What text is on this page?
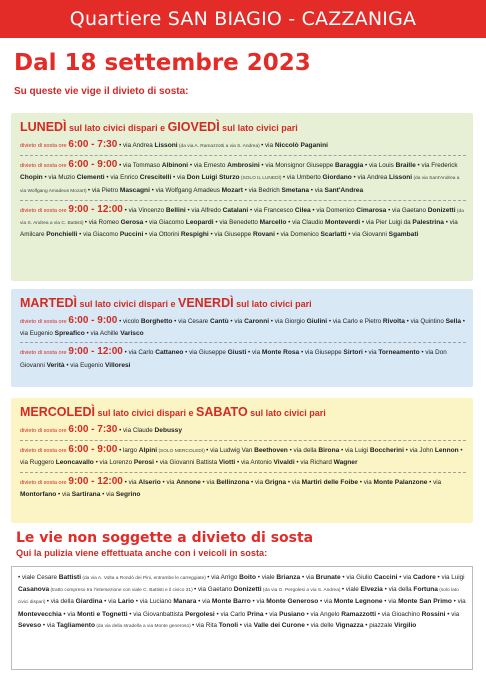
Quartiere SAN BIAGIO - CAZZANIGA
Dal 18 settembre 2023
Su queste vie vige il divieto di sosta:
LUNEDÌ sul lato civici dispari e GIOVEDÌ sul lato civici pari
divieto di sosta ore 6:00 - 7:30 • via Andrea Lissoni (da via A. Ramazzotti a via S. Andrea) • via Niccolò Paganini
divieto di sosta ore 6:00 - 9:00 • via Tommaso Albinoni • via Ernesto Ambrosini • via Monsignor Giuseppe Baraggia • via Louis Braille • via Frederick Chopin • via Muzio Clementi • via Enrico Crescitelli • via Don Luigi Sturzo (SOLO IL LUNEDÌ) • via Umberto Giordano • via Andrea Lissoni (da via Sant'Andrea a via Wolfgang Amadeus Mozart) • via Pietro Mascagni • via Wolfgang Amadeus Mozart • via Bedrich Smetana • via Sant'Andrea
divieto di sosta ore 9:00 - 12:00 • via Vincenzo Bellini • via Alfredo Catalani • via Francesco Cilea • via Domenico Cimarosa • via Gaetano Donizetti (da via S. Andrea a via C. Battisti) • via Romeo Gerosa • via Giacomo Leopardi • via Benedetto Marcello • via Claudio Monteverdi • via Pier Luigi da Palestrina • via Amilcare Ponchielli • via Giacomo Puccini • via Ottorini Respighi • via Giuseppe Rovani • via Domenico Scarlatti • via Giovanni Sgambati
MARTEDÌ sul lato civici dispari e VENERDÌ sul lato civici pari
divieto di sosta ore 6:00 - 9:00 • vicolo Borghetto • via Cesare Cantù • via Caronni • via Giorgio Giulini • via Carlo e Pietro Rivolta • via Quintino Sella • via Eugenio Spreafico • via Achille Varisco
divieto di sosta ore 9:00 - 12:00 • via Carlo Cattaneo • via Giuseppe Giusti • via Monte Rosa • via Giuseppe Sirtori • via Torneamento • via Don Giovanni Verità • via Eugenio Villoresi
MERCOLEDÌ sul lato civici dispari e SABATO sul lato civici pari
divieto di sosta ore 6:00 - 7:30 • via Claude Debussy
divieto di sosta ore 6:00 - 9:00 • largo Alpini (SOLO MERCOLEDÌ) • via Ludwig Van Beethoven • via della Birona • via Luigi Boccherini • via John Lennon • via Ruggero Leoncavallo • via Lorenzo Perosi • via Giovanni Battista Viotti • via Antonio Vivaldi • via Richard Wagner
divieto di sosta ore 9:00 - 12:00 • via Alserio • via Annone • via Bellinzona • via Grigna • via Martiri delle Foibe • via Monte Palanzone • via Montorfano • via Sartirana • via Segrino
Le vie non soggette a divieto di sosta
Qui la pulizia viene effettuata anche con i veicoli in sosta:
• viale Cesare Battisti (da via A. Volta a Rondò dei Pini, entrambe le carreggiate) • via Arrigo Boito • viale Brianza • via Brunate • via Giulio Caccini • via Cadore • via Luigi Casanova (tratto compreso tra l'intersezione con viale C. Battisti e il civico 31) • via Gaetano Donizetti (da via G. Pergolesi a via S. Andrea) • viale Elvezia • via della Fortuna (solo lato civici dispari) • via della Giardina • via Lario • via Luciano Manara • via Monte Barro • via Monte Generoso • via Monte Legnone • via Monte San Primo • via Montevecchia • via Monti e Tognetti • via Giovanbattista Pergolesi • via Carlo Prina • via Pusiano • via Angelo Ramazzotti • via Gioachino Rossini • via Seveso • via Tagliamento (da via della stradella a via Monte generoso) • via Rita Tonoli • via Valle dei Curone • via delle Vignazza • piazzale Virgilio
